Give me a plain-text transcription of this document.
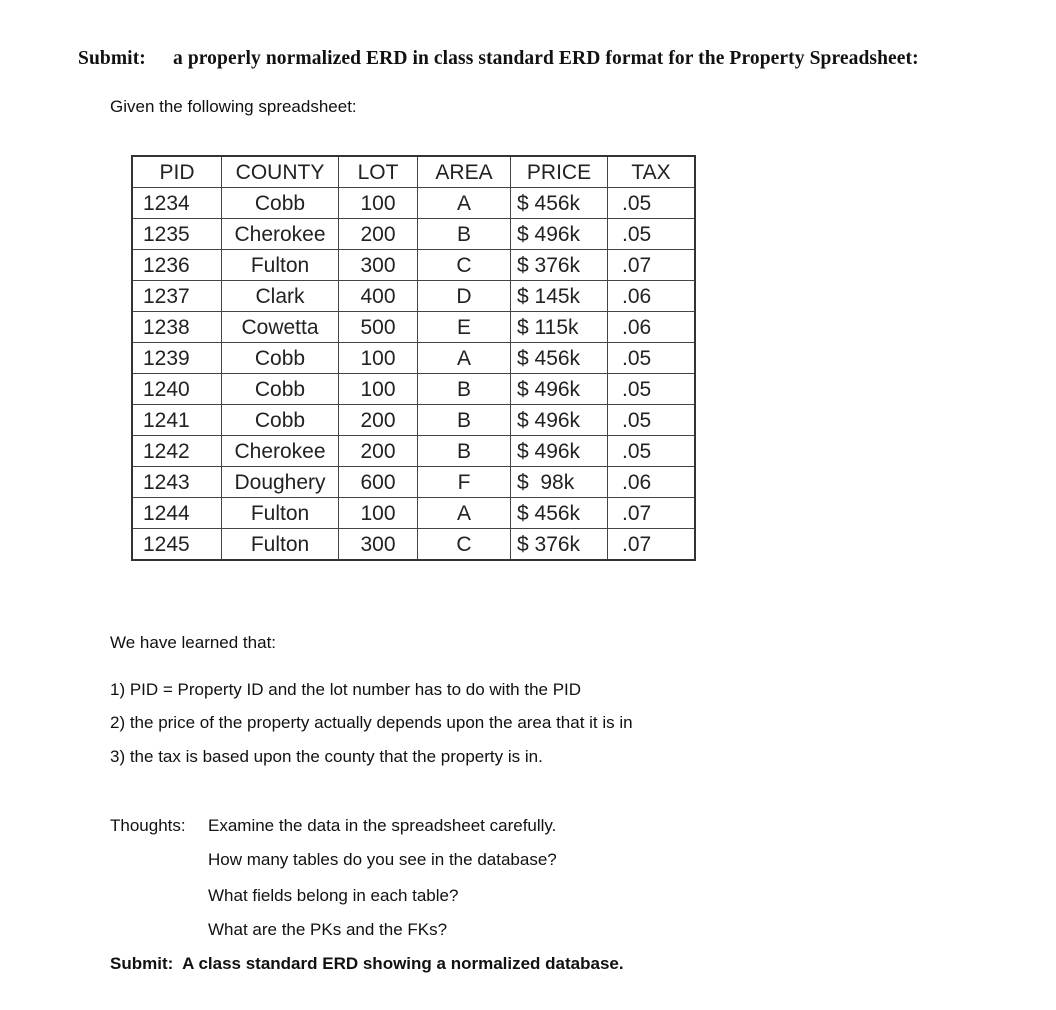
Submit: a properly normalized ERD in class standard ERD format for the Property Spreadsheet:
Given the following spreadsheet:
PID	COUNTY	LOT	AREA	PRICE	TAX
1234	Cobb	100	A	$ 456k	.05
1235	Cherokee	200	B	$ 496k	.05
1236	Fulton	300	C	$ 376k	.07
1237	Clark	400	D	$ 145k	.06
1238	Cowetta	500	E	$ 115k	.06
1239	Cobb	100	A	$ 456k	.05
1240	Cobb	100	B	$ 496k	.05
1241	Cobb	200	B	$ 496k	.05
1242	Cherokee	200	B	$ 496k	.05
1243	Doughery	600	F	$  98k	.06
1244	Fulton	100	A	$ 456k	.07
1245	Fulton	300	C	$ 376k	.07
We have learned that:
1) PID = Property ID and the lot number has to do with the PID
2) the price of the property actually depends upon the area that it is in
3) the tax is based upon the county that the property is in.
Thoughts: Examine the data in the spreadsheet carefully.
How many tables do you see in the database?
What fields belong in each table?
What are the PKs and the FKs?
Submit:  A class standard ERD showing a normalized database.
